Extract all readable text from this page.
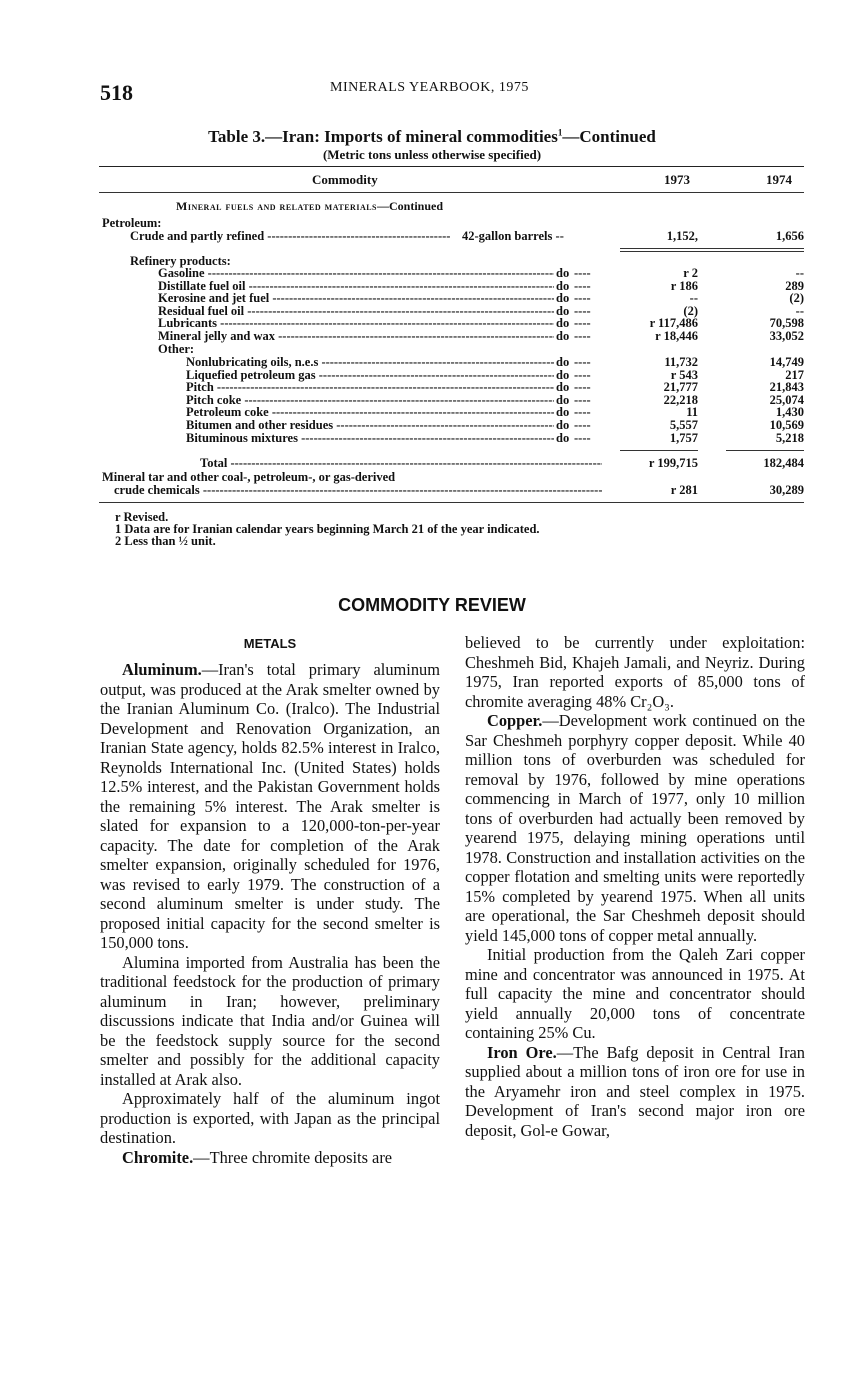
518	MINERALS YEARBOOK, 1975
Table 3.—Iran: Imports of mineral commodities$^1$—Continued
(Metric tons unless otherwise specified)
Commodity	1973	1974
Mineral fuels and related materials—Continued
Petroleum:
Crude and partly refined -----	42-gallon barrels --	1,152,	1,656
Refinery products:
Gasoline -----	do	r 2	--
----
Distillate fuel oil -----	do	r 186	289
----
Kerosine and jet fuel -----	do	--	(2)
----
Residual fuel oil -----	do	(2)	--
----
Lubricants -----	do	r 117,486	70,598
----
Mineral jelly and wax -----	do	r 18,446	33,052
----
Other:
Nonlubricating oils, n.e.s -----	do	11,732	14,749
----
Liquefied petroleum gas -----	do	r 543	217
----
Pitch -----	do	21,777	21,843
----
Pitch coke -----	do	22,218	25,074
----
Petroleum coke -----	do	11	1,430
----
Bitumen and other residues -----	do	5,557	10,569
----
Bituminous mixtures -----	do	1,757	5,218
----
Total -----	r 199,715	182,484
Mineral tar and other coal-, petroleum-, or gas-derived
crude chemicals -----	r 281	30,289
r Revised.
1 Data are for Iranian calendar years beginning March 21 of the year indicated.
2 Less than ½ unit.
COMMODITY REVIEW
METALS

Aluminum.—Iran's total primary aluminum output, was produced at the Arak smelter owned by the Iranian Aluminum Co. (Iralco). The Industrial Development and Renovation Organization, an Iranian State agency, holds 82.5% interest in Iralco, Reynolds International Inc. (United States) holds 12.5% interest, and the Pakistan Government holds the remaining 5% interest. The Arak smelter is slated for expansion to a 120,000-ton-per-year capacity. The date for completion of the Arak smelter expansion, originally scheduled for 1976, was revised to early 1979. The construction of a second aluminum smelter is under study. The proposed initial capacity for the second smelter is 150,000 tons.

Alumina imported from Australia has been the traditional feedstock for the production of primary aluminum in Iran; however, preliminary discussions indicate that India and/or Guinea will be the feedstock supply source for the second smelter and possibly for the additional capacity installed at Arak also.

Approximately half of the aluminum ingot production is exported, with Japan as the principal destination.

Chromite.—Three chromite deposits are

believed to be currently under exploitation: Cheshmeh Bid, Khajeh Jamali, and Neyriz. During 1975, Iran reported exports of 85,000 tons of chromite averaging 48% Cr₂O₃.

Copper.—Development work continued on the Sar Cheshmeh porphyry copper deposit. While 40 million tons of overburden was scheduled for removal by 1976, followed by mine operations commencing in March of 1977, only 10 million tons of overburden had actually been removed by yearend 1975, delaying mining operations until 1978. Construction and installation activities on the copper flotation and smelting units were reportedly 15% completed by yearend 1975. When all units are operational, the Sar Cheshmeh deposit should yield 145,000 tons of copper metal annually.

Initial production from the Qaleh Zari copper mine and concentrator was announced in 1975. At full capacity the mine and concentrator should yield annually 20,000 tons of concentrate containing 25% Cu.

Iron Ore.—The Bafg deposit in Central Iran supplied about a million tons of iron ore for use in the Aryamehr iron and steel complex in 1975. Development of Iran's second major iron ore deposit, Gol-e Gowar,
